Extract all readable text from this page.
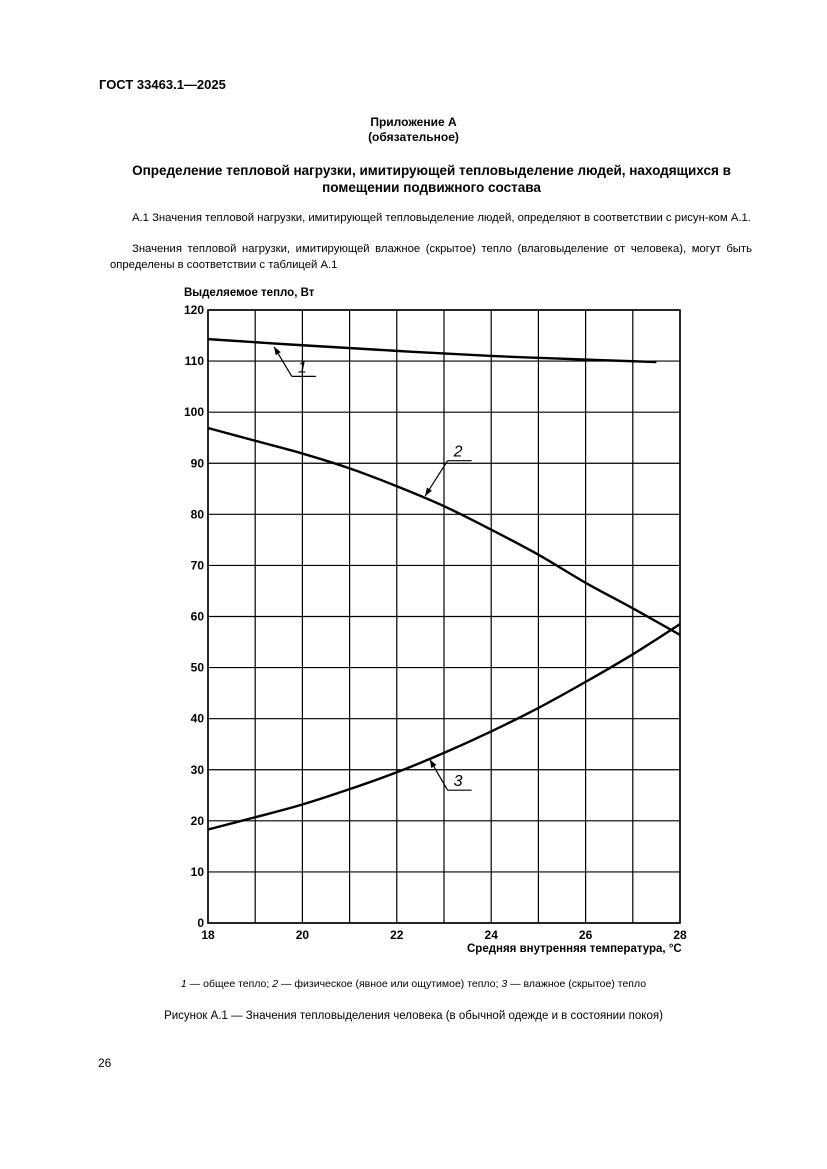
ГОСТ 33463.1—2025
Приложение А
(обязательное)
Определение тепловой нагрузки, имитирующей тепловыделение людей, находящихся в помещении подвижного состава
А.1 Значения тепловой нагрузки, имитирующей тепловыделение людей, определяют в соответствии с рисун-ком А.1.
Значения тепловой нагрузки, имитирующей влажное (скрытое) тепло (влаговыделение от человека), могут быть определены в соответствии с таблицей А.1
Выделяемое тепло, Вт
Средняя внутренняя температура, °С
0
10
20
30
40
50
60
70
80
90
100
110
120
18	20	22	24	26	28
1
2
3
1 — общее тепло; 2 — физическое (явное или ощутимое) тепло; 3 — влажное (скрытое) тепло
Рисунок А.1 — Значения тепловыделения человека (в обычной одежде и в состоянии покоя)
26
